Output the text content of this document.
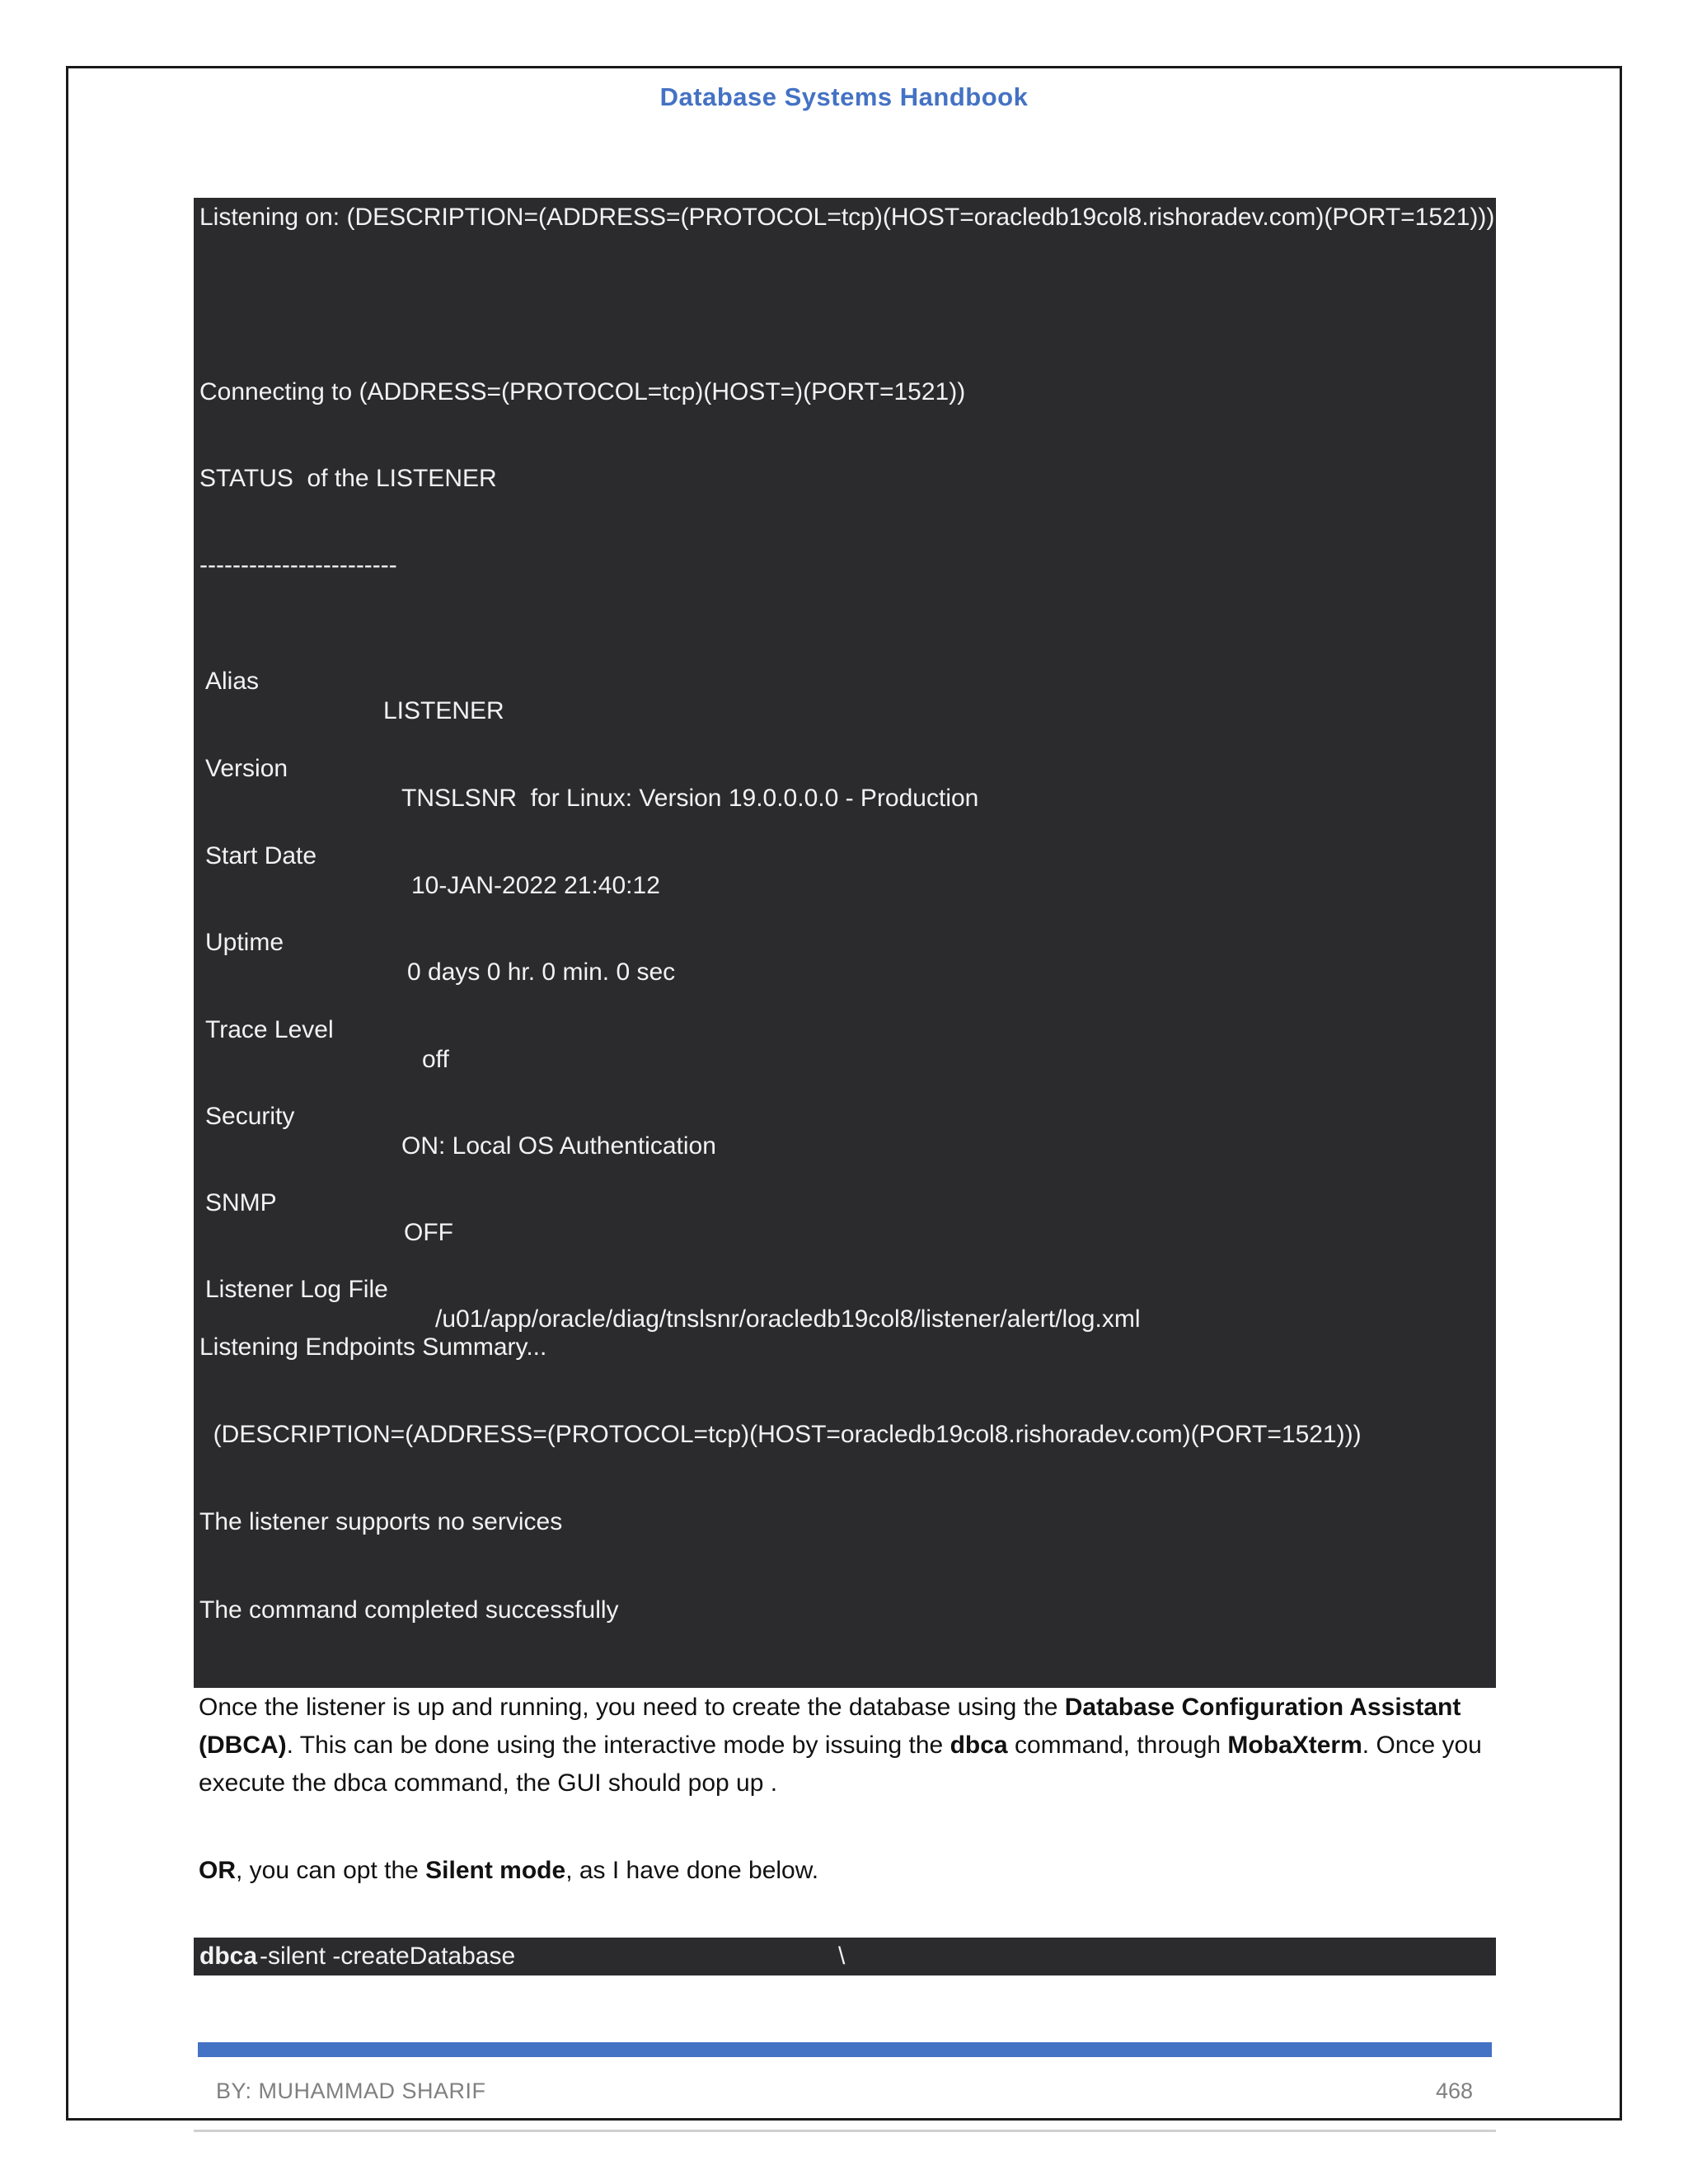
Database Systems Handbook
Listening on: (DESCRIPTION=(ADDRESS=(PROTOCOL=tcp)(HOST=oracledb19col8.rishoradev.com)(PORT=1521)))
Connecting to (ADDRESS=(PROTOCOL=tcp)(HOST=)(PORT=1521))
STATUS  of the LISTENER
------------------------

Alias

LISTENER

Version

TNSLSNR  for Linux: Version 19.0.0.0.0 - Production

Start Date

10-JAN-2022 21:40:12

Uptime

0 days 0 hr. 0 min. 0 sec

Trace Level

off

Security

ON: Local OS Authentication

SNMP

OFF

Listener Log File

/u01/app/oracle/diag/tnslsnr/oracledb19col8/listener/alert/log.xml

Listening Endpoints Summary...
(DESCRIPTION=(ADDRESS=(PROTOCOL=tcp)(HOST=oracledb19col8.rishoradev.com)(PORT=1521)))
The listener supports no services
The command completed successfully
Once the listener is up and running, you need to create the database using the Database Configuration Assistant (DBCA). This can be done using the interactive mode by issuing the dbca command, through MobaXterm. Once you execute the dbca command, the GUI should pop up .
OR, you can opt the Silent mode, as I have done below.
dbca -silent -createDatabase	\
BY: MUHAMMAD SHARIF	468
